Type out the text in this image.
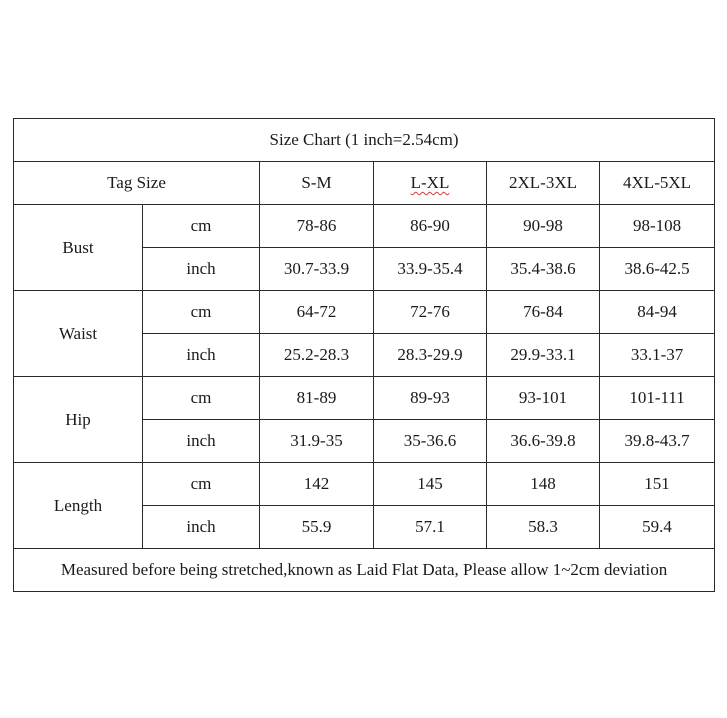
Size Chart (1 inch=2.54cm)					
Tag Size		S-M	L-XL	2XL-3XL	4XL-5XL
Bust	cm	78-86	86-90	90-98	98-108
	inch	30.7-33.9	33.9-35.4	35.4-38.6	38.6-42.5
Waist	cm	64-72	72-76	76-84	84-94
	inch	25.2-28.3	28.3-29.9	29.9-33.1	33.1-37
Hip	cm	81-89	89-93	93-101	101-111
	inch	31.9-35	35-36.6	36.6-39.8	39.8-43.7
Length	cm	142	145	148	151
	inch	55.9	57.1	58.3	59.4
Measured before being stretched,known as Laid Flat Data, Please allow 1~2cm deviation					
